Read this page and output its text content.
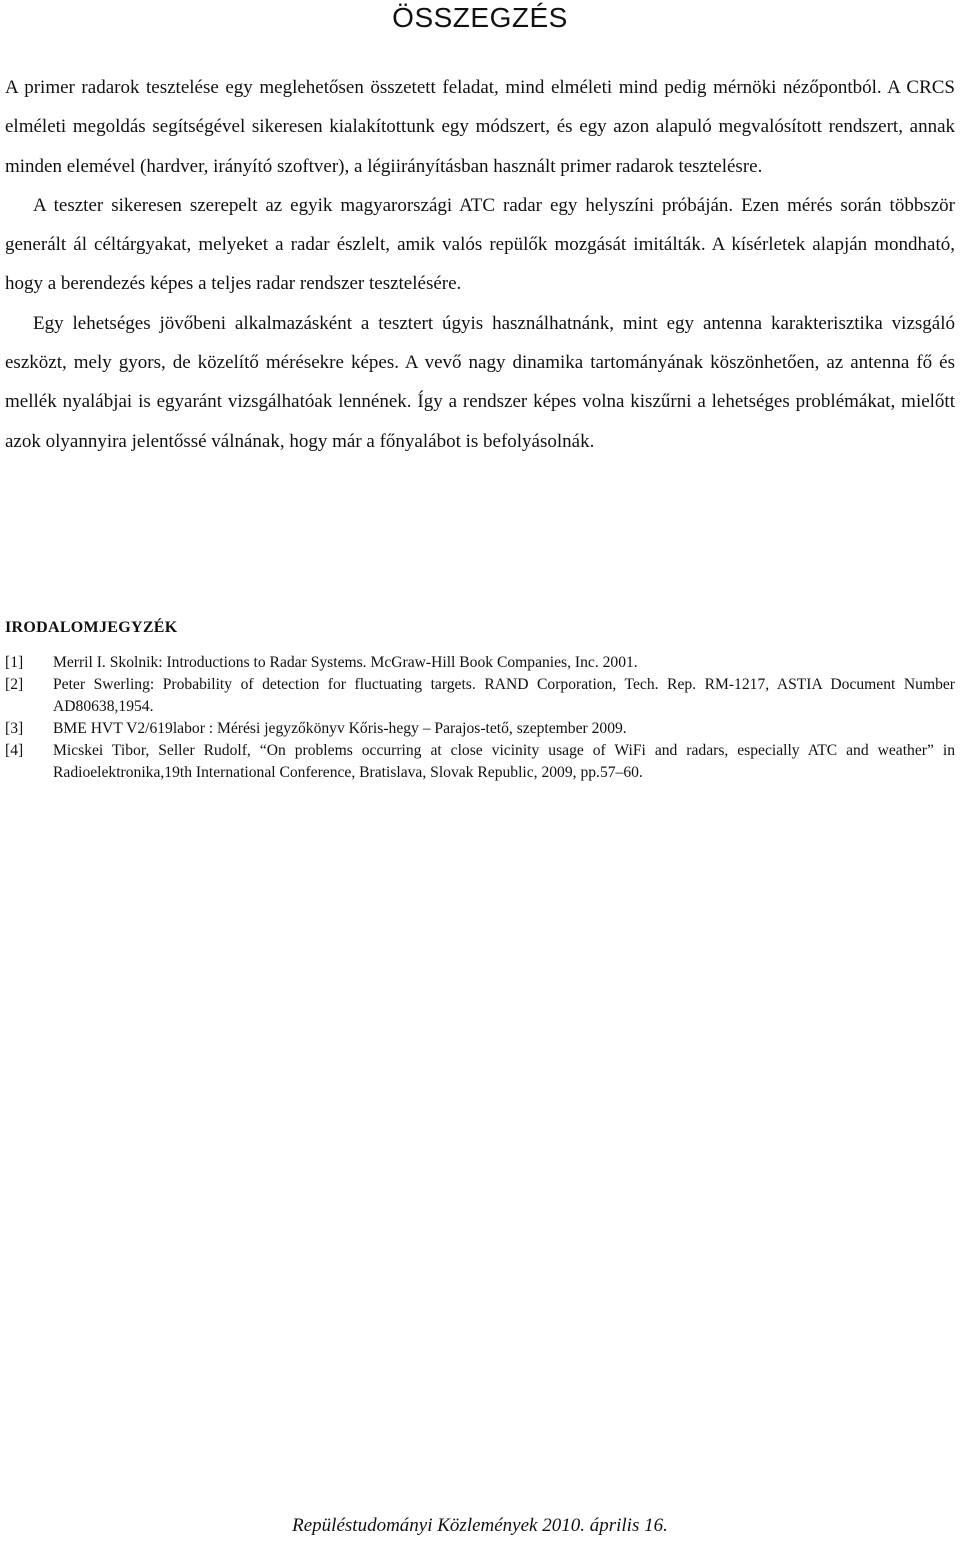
ÖSSZEGZÉS

A primer radarok tesztelése egy meglehetősen összetett feladat, mind elméleti mind pedig mérnöki nézőpontból. A CRCS elméleti megoldás segítségével sikeresen kialakítottunk egy módszert, és egy azon alapuló megvalósított rendszert, annak minden elemével (hardver, irányító szoftver), a légiirányításban használt primer radarok tesztelésre.

A teszter sikeresen szerepelt az egyik magyarországi ATC radar egy helyszíni próbáján. Ezen mérés során többször generált ál céltárgyakat, melyeket a radar észlelt, amik valós repülők mozgását imitálták. A kísérletek alapján mondható, hogy a berendezés képes a teljes radar rendszer tesztelésére.

Egy lehetséges jövőbeni alkalmazásként a tesztert úgyis használhatnánk, mint egy antenna karakterisztika vizsgáló eszközt, mely gyors, de közelítő mérésekre képes. A vevő nagy dinamika tartományának köszönhetően, az antenna fő és mellék nyalábjai is egyaránt vizsgálhatóak lennének. Így a rendszer képes volna kiszűrni a lehetséges problémákat, mielőtt azok olyannyira jelentőssé válnának, hogy már a főnyalábot is befolyásolnák.

IRODALOMJEGYZÉK
[1]	Merril I. Skolnik: Introductions to Radar Systems. McGraw-Hill Book Companies, Inc. 2001.
[2]	Peter Swerling: Probability of detection for fluctuating targets. RAND Corporation, Tech. Rep. RM-1217, ASTIA Document Number AD80638,1954.
[3]	BME HVT V2/619labor : Mérési jegyzőkönyv Kőris-hegy – Parajos-tető, szeptember 2009.
[4]	Micskei Tibor, Seller Rudolf, “On problems occurring at close vicinity usage of WiFi and radars, especially ATC and weather” in Radioelektronika,19th International Conference, Bratislava, Slovak Republic, 2009, pp.57–60.
Repüléstudományi Közlemények 2010. április 16.
